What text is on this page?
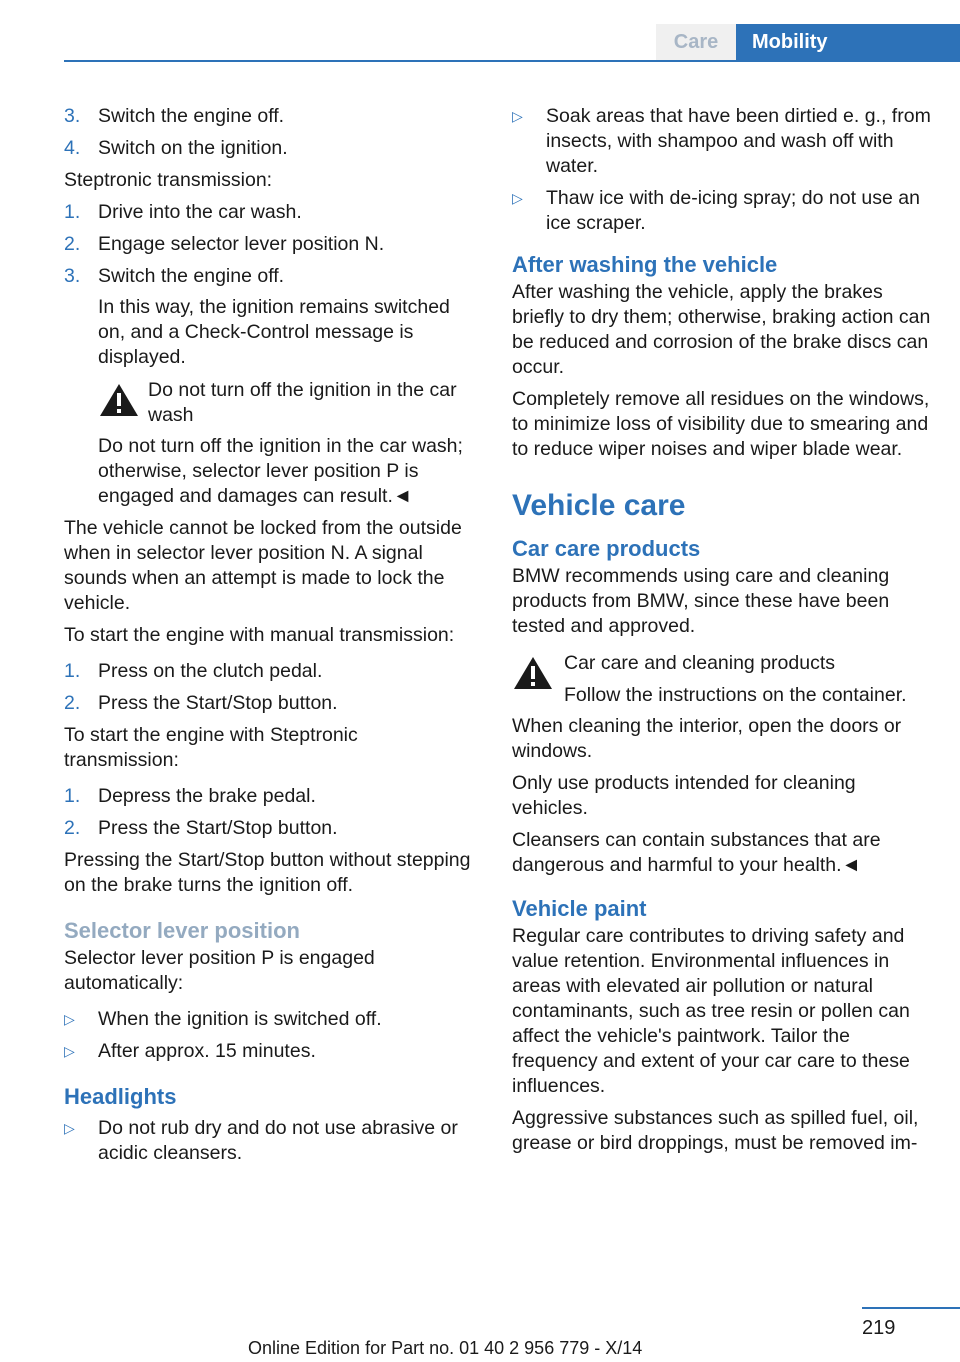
Care	Mobility
3. Switch the engine off.
4. Switch on the ignition.

Steptronic transmission:

1. Drive into the car wash.
2. Engage selector lever position N.
3. Switch the engine off.
In this way, the ignition remains switched on, and a Check-Control message is displayed.
Do not turn off the ignition in the car wash
Do not turn off the ignition in the car wash; otherwise, selector lever position P is engaged and damages can result.◄

The vehicle cannot be locked from the outside when in selector lever position N. A signal sounds when an attempt is made to lock the vehicle.

To start the engine with manual transmission:

1. Press on the clutch pedal.
2. Press the Start/Stop button.

To start the engine with Steptronic transmission:

1. Depress the brake pedal.
2. Press the Start/Stop button.

Pressing the Start/Stop button without stepping on the brake turns the ignition off.

Selector lever position

Selector lever position P is engaged automatically:

▷ When the ignition is switched off.
▷ After approx. 15 minutes.
Headlights
▷ Do not rub dry and do not use abrasive or acidic cleansers.
▷ Soak areas that have been dirtied e. g., from insects, with shampoo and wash off with water.
▷ Thaw ice with de-icing spray; do not use an ice scraper.
After washing the vehicle

After washing the vehicle, apply the brakes briefly to dry them; otherwise, braking action can be reduced and corrosion of the brake discs can occur.

Completely remove all residues on the windows, to minimize loss of visibility due to smearing and to reduce wiper noises and wiper blade wear.

Vehicle care
Car care products

BMW recommends using care and cleaning products from BMW, since these have been tested and approved.

Car care and cleaning products
Follow the instructions on the container.

When cleaning the interior, open the doors or windows.

Only use products intended for cleaning vehicles.

Cleansers can contain substances that are dangerous and harmful to your health.◄

Vehicle paint

Regular care contributes to driving safety and value retention. Environmental influences in areas with elevated air pollution or natural contaminants, such as tree resin or pollen can affect the vehicle's paintwork. Tailor the frequency and extent of your car care to these influences.

Aggressive substances such as spilled fuel, oil, grease or bird droppings, must be removed im-

219
Online Edition for Part no. 01 40 2 956 779 - X/14
